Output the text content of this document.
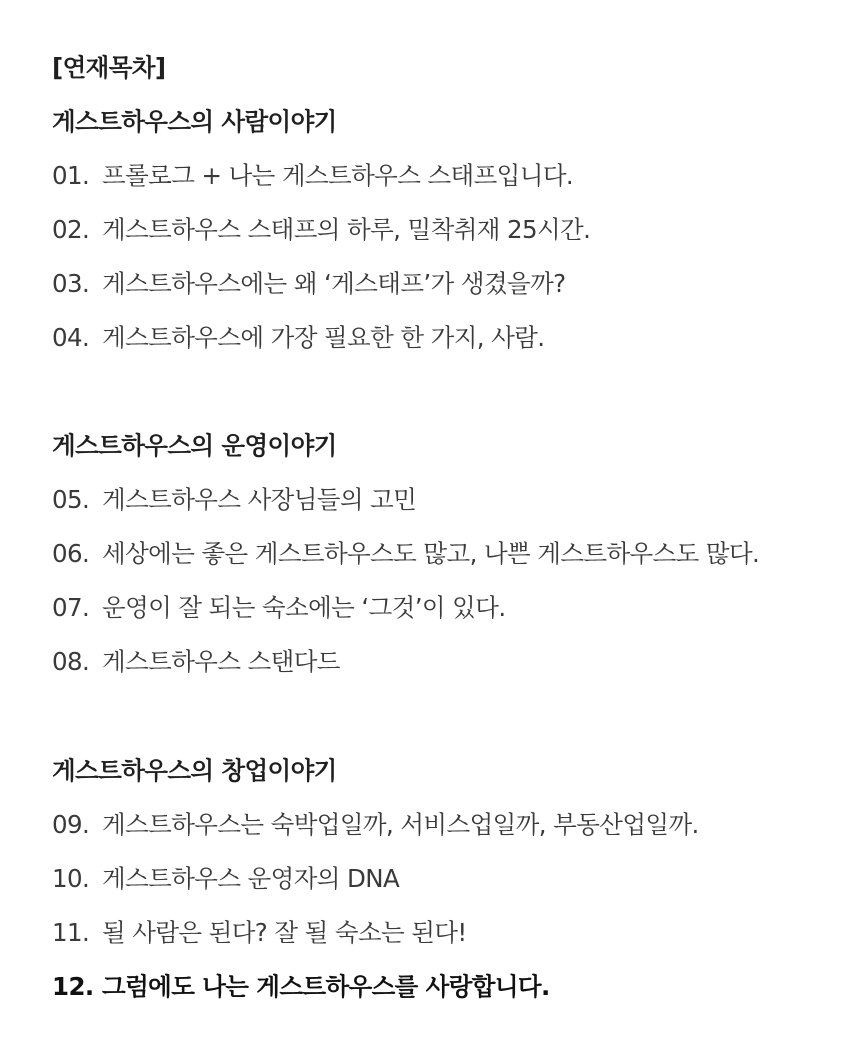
[연재목차]
게스트하우스의 사람이야기
01. 프롤로그 + 나는 게스트하우스 스태프입니다.
02. 게스트하우스 스태프의 하루, 밀착취재 25시간.
03. 게스트하우스에는 왜 ‘게스태프’가 생겼을까?
04. 게스트하우스에 가장 필요한 한 가지, 사람.
게스트하우스의 운영이야기
05. 게스트하우스 사장님들의 고민
06. 세상에는 좋은 게스트하우스도 많고, 나쁜 게스트하우스도 많다.
07. 운영이 잘 되는 숙소에는 ‘그것’이 있다.
08. 게스트하우스 스탠다드
게스트하우스의 창업이야기
09. 게스트하우스는 숙박업일까, 서비스업일까, 부동산업일까.
10. 게스트하우스 운영자의 DNA
11. 될 사람은 된다? 잘 될 숙소는 된다!
12. 그럼에도 나는 게스트하우스를 사랑합니다.
